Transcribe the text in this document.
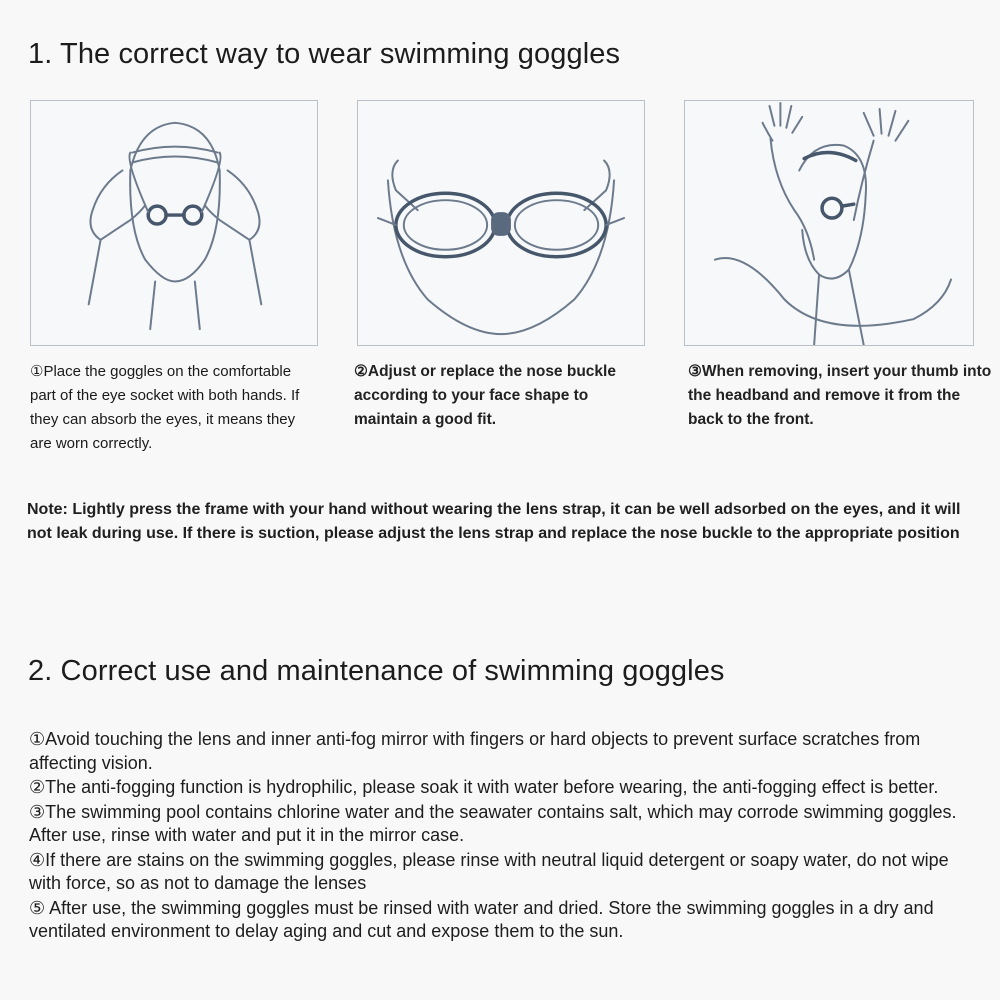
1. The correct way to wear swimming goggles

①Place the goggles on the comfortable part of the eye socket with both hands. If they can absorb the eyes, it means they are worn correctly.

②Adjust or replace the nose buckle according to your face shape to maintain a good fit.

③When removing, insert your thumb into the headband and remove it from the back to the front.

Note: Lightly press the frame with your hand without wearing the lens strap, it can be well adsorbed on the eyes, and it will not leak during use. If there is suction, please adjust the lens strap and replace the nose buckle to the appropriate position

2. Correct use and maintenance of swimming goggles
①Avoid touching the lens and inner anti-fog mirror with fingers or hard objects to prevent surface scratches from affecting vision.
②The anti-fogging function is hydrophilic, please soak it with water before wearing, the anti-fogging effect is better.
③The swimming pool contains chlorine water and the seawater contains salt, which may corrode swimming goggles. After use, rinse with water and put it in the mirror case.
④If there are stains on the swimming goggles, please rinse with neutral liquid detergent or soapy water, do not wipe with force, so as not to damage the lenses
⑤ After use, the swimming goggles must be rinsed with water and dried. Store the swimming goggles in a dry and ventilated environment to delay aging and cut and expose them to the sun.
